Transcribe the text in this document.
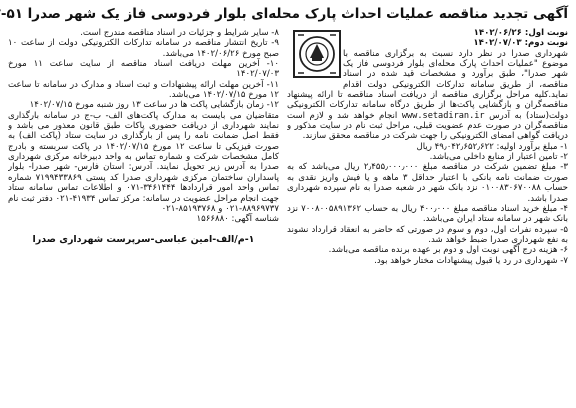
آگهی تجدید مناقصه عملیات احداث پارک محله‌ای بلوار فردوسی فاز یک شهر صدرا ۵۱-

نوبت اول: ۱۴۰۲/۰۶/۲۶

نوبت دوم: ۱۴۰۲/۰۷/۰۳

شهرداری صدرا در نظر دارد نسبت به برگزاری مناقصه با موضوع "عملیات احداث پارک محله‌ای بلوار فردوسی فاز یک شهر صدرا"، طبق برآورد و مشخصات قید شده در اسناد مناقصه، از طریق سامانه تدارکات الکترونیکی دولت اقدام نماید.کلیه مراحل برگزاری مناقصه از دریافت اسناد مناقصه تا ارائه پیشنهاد مناقصه‌گران و بازگشایی پاکت‌ها از طریق درگاه سامانه تدارکات الکترونیکی دولت(ستاد) به آدرس www.setadiran.ir انجام خواهد شد و لازم است مناقصه‌گران در صورت عدم عضویت قبلی، مراحل ثبت نام در سایت مذکور و دریافت گواهی امضای الکترونیکی را جهت شرکت در مناقصه محقق سازند.

۱- مبلغ برآورد اولیه: ۴۹٫۰۴۲٫۶۵۲٫۶۲۲ ریال

۲- تامین اعتبار از منابع داخلی می‌باشد.

۳- مبلغ تضمین شرکت در مناقصه مبلغ ۲٫۴۵۵٫۰۰۰٫۰۰۰ ریال می‌باشد که به صورت ضمانت نامه بانکی با اعتبار حداقل ۳ ماهه و یا فیش واریز نقدی به حساب ۰۱۰۰۸۳۰۶۷۰۰۸۸ نزد بانک شهر در شعبه صدرا به نام سپرده شهرداری صدرا باشد.

۴- مبلغ خرید اسناد مناقصه مبلغ ۴۰۰٫۰۰۰ ریال به حساب ۷۰۰۸۰۰۵۸۹۱۳۶۲ نزد بانک شهر در سامانه ستاد ایران می‌باشد.

۵- سپرده نفرات اول، دوم و سوم در صورتی که حاضر به انعقاد قرارداد نشوند به نفع شهرداری صدرا ضبط خواهد شد.

۶- هزینه درج آگهی نوبت اول و دوم بر عهده برنده مناقصه می‌باشد.

۷- شهرداری در رد یا قبول پیشنهادات مختار خواهد بود.

۸- سایر شرایط و جزئیات در اسناد مناقصه مندرج است.

۹- تاریخ انتشار مناقصه در سامانه تدارکات الکترونیکی دولت از ساعت ۱۰ صبح مورخ ۱۴۰۲/۰۶/۲۶ می‌باشد.

۱۰- آخرین مهلت دریافت اسناد مناقصه از سایت ساعت ۱۱ مورخ ۱۴۰۲/۰۷/۰۳

۱۱- آخرین مهلت ارائه پیشنهادات و ثبت اسناد و مدارک در سامانه تا ساعت ۱۲ مورخ ۱۴۰۲/۰۷/۱۵ می‌باشد.

۱۲- زمان بازگشایی پاکت ها در ساعت ۱۳ روز شنبه مورخ ۱۴۰۲/۰۷/۱۵

متقاضیان می بایست به مدارک پاکت‌های الف- ب-ج در سامانه بارگذاری نمایند شهرداری از دریافت حضوری پاکات طبق قانون معذور می باشد و فقط اصل ضمانت نامه را پس از بارگذاری در سایت ستاد (پاکت الف) به صورت فیزیکی تا ساعت ۱۲ مورخ ۱۴۰۲/۰۷/۱۵ در پاکت سربسته و بادرج کامل مشخصات شرکت و شماره تماس به واحد دبیرخانه مرکزی شهرداری صدرا به آدرس زیر تحویل نمایند. آدرس: استان فارس- شهر صدرا- بلوار پاسداران ساختمان مرکزی شهرداری صدرا کد پستی ۷۱۹۹۴۳۳۸۶۹ شماره تماس واحد امور قراردادها ۳۴۶۱۴۴۴-۰۷۱ و اطلاعات تماس سامانه ستاد جهت انجام مراحل عضویت در سامانه: مرکز تماس ۴۱۹۳۴-۰۲۱ دفتر ثبت نام ۸۸۹۶۹۷۳۷-۰۲۱ و ۸۵۱۹۳۷۶۸-۰۲۱

شناسه آگهی: ۱۵۶۶۸۸۰

۱-م/الف-امین عباسی-سرپرست شهرداری صدرا
